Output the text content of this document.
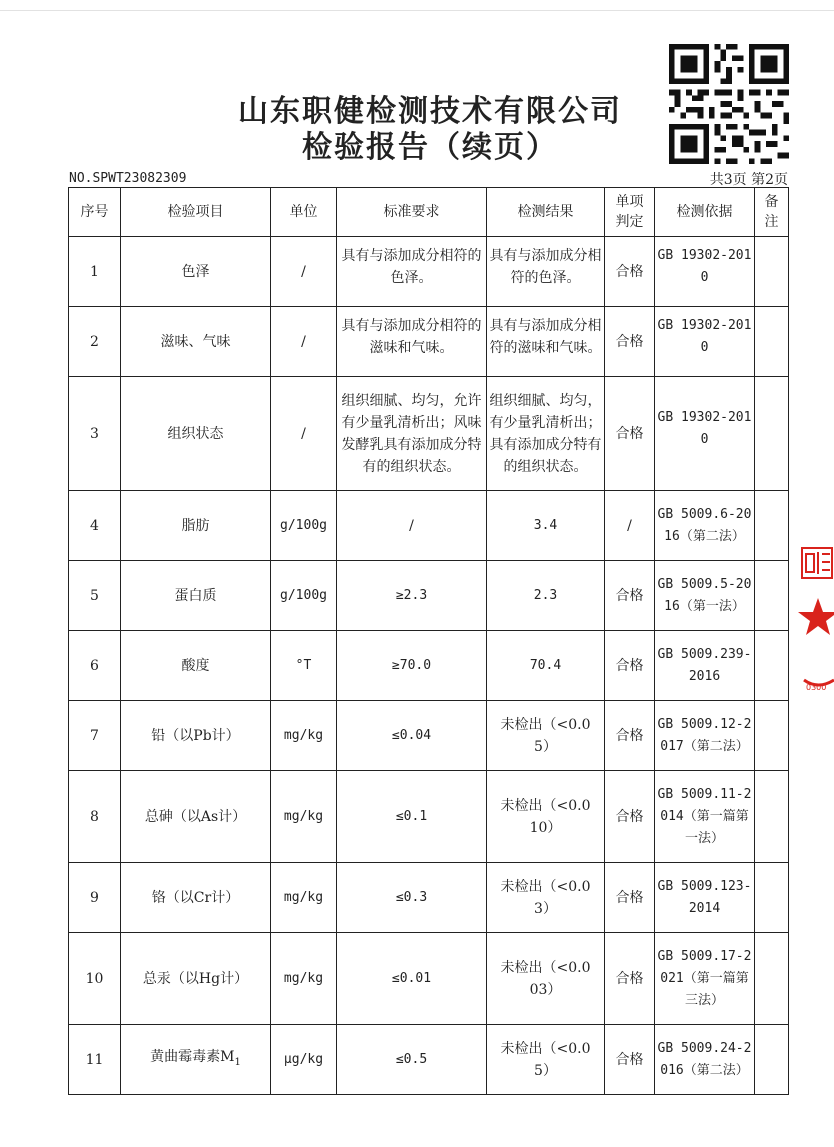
山东职健检测技术有限公司
检验报告（续页）
NO.SPWT23082309	共3页 第2页
序号	检验项目	单位	标准要求	检测结果	单项判定	检测依据	备注
1	色泽	/	具有与添加成分相符的色泽。	具有与添加成分相符的色泽。	合格	GB 19302-2010	
2	滋味、气味	/	具有与添加成分相符的滋味和气味。	具有与添加成分相符的滋味和气味。	合格	GB 19302-2010	
3	组织状态	/	组织细腻、均匀，允许有少量乳清析出；风味发酵乳具有添加成分特有的组织状态。	组织细腻、均匀，有少量乳清析出；具有添加成分特有的组织状态。	合格	GB 19302-2010	
4	脂肪	g/100g	/	3.4	/	GB 5009.6-2016（第二法）	
5	蛋白质	g/100g	≥2.3	2.3	合格	GB 5009.5-2016（第一法）	
6	酸度	°T	≥70.0	70.4	合格	GB 5009.239-2016	
7	铅（以Pb计）	mg/kg	≤0.04	未检出（<0.05）	合格	GB 5009.12-2017（第二法）	
8	总砷（以As计）	mg/kg	≤0.1	未检出（<0.010）	合格	GB 5009.11-2014（第一篇第一法）	
9	铬（以Cr计）	mg/kg	≤0.3	未检出（<0.03）	合格	GB 5009.123-2014	
10	总汞（以Hg计）	mg/kg	≤0.01	未检出（<0.003）	合格	GB 5009.17-2021（第一篇第三法）	
11	黄曲霉毒素$M_1$	μg/kg	≤0.5	未检出（<0.05）	合格	GB 5009.24-2016（第二法）	
0300
